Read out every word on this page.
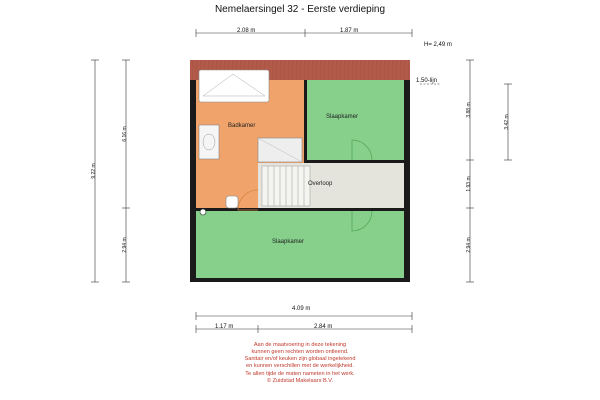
Nemelaersingel 32 - Eerste verdieping
2.08 m	1.87 m
H= 2,49 m
1.50-lijn
4.09 m
1.17 m	2.84 m
9.22 m
6.16 m
2.94 m
3.88 m
3.42 m
1.93 m
2.94 m
Badkamer
Slaapkamer
Overloop
Slaapkamer
Aan de maatvoering in deze tekening
kunnen geen rechten worden ontleend.
Sanitair en/of keuken zijn globaal ingetekend
en kunnen verschillen met de werkelijkheid.
Te allen tijde de maten nameten in het werk.
© Zuidstad Makelaars B.V.
